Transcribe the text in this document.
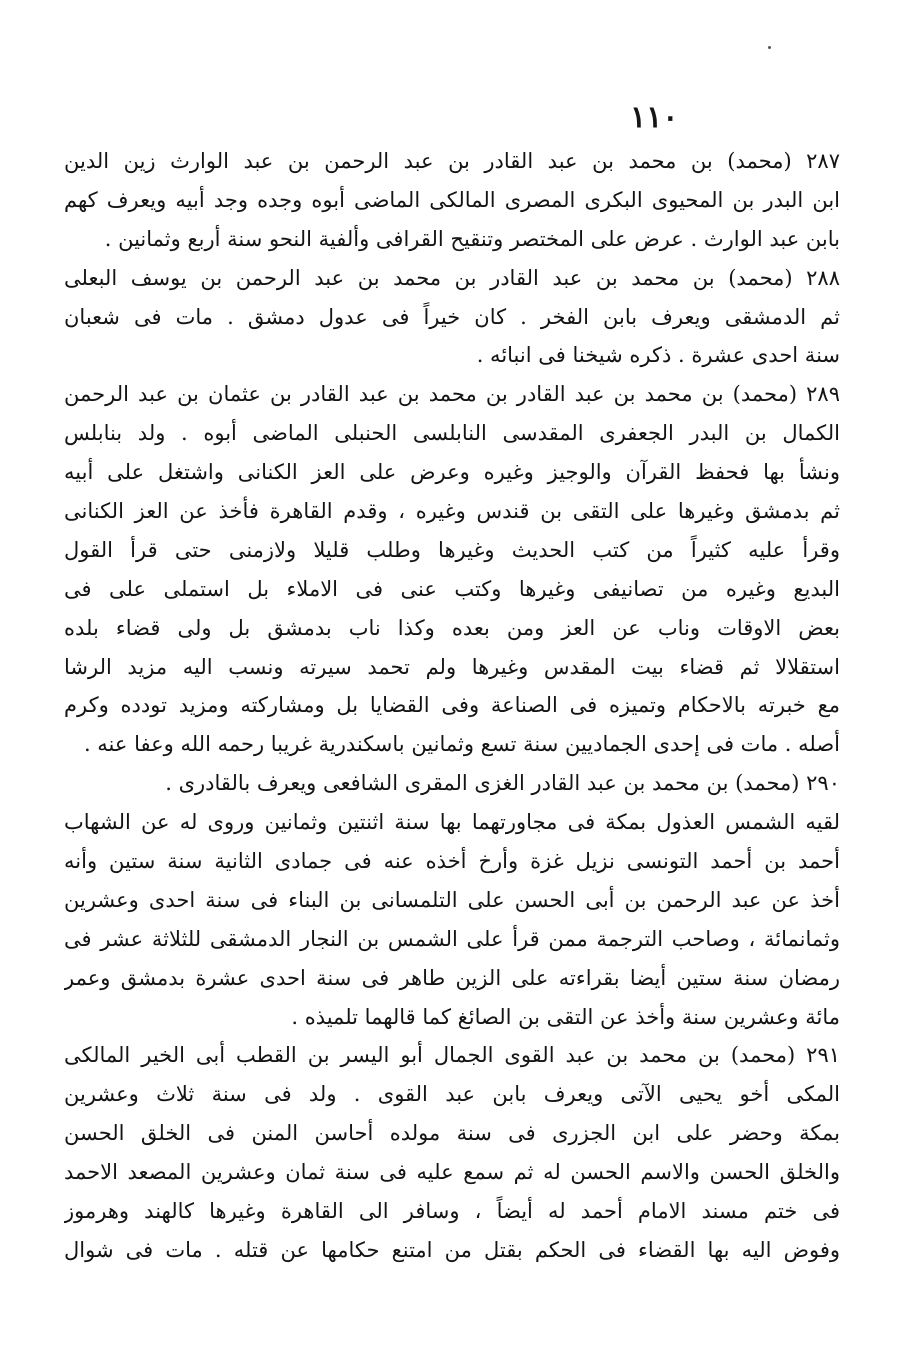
١١٠
٢٨٧ (محمد) بن محمد بن عبد القادر بن عبد الرحمن بن عبد الوارث زين الدين
ابن البدر بن المحيوى البكرى المصرى المالكى الماضى أبوه وجده وجد أبيه ويعرف كهم
بابن عبد الوارث . عرض على المختصر وتنقيح القرافى وألفية النحو سنة أربع وثمانين .
٢٨٨ (محمد) بن محمد بن عبد القادر بن محمد بن عبد الرحمن بن يوسف البعلى
ثم الدمشقى ويعرف بابن الفخر . كان خيراً فى عدول دمشق . مات فى شعبان
سنة احدى عشرة . ذكره شيخنا فى انبائه .
٢٨٩ (محمد) بن محمد بن عبد القادر بن محمد بن عبد القادر بن عثمان بن عبد الرحمن
الكمال بن البدر الجعفرى المقدسى النابلسى الحنبلى الماضى أبوه . ولد بنابلس
ونشأ بها فحفظ القرآن والوجيز وغيره وعرض على العز الكنانى واشتغل على أبيه
ثم بدمشق وغيرها على التقى بن قندس وغيره ، وقدم القاهرة فأخذ عن العز الكنانى
وقرأ عليه كثيراً من كتب الحديث وغيرها وطلب قليلا ولازمنى حتى قرأ القول
البديع وغيره من تصانيفى وغيرها وكتب عنى فى الاملاء بل استملى على فى
بعض الاوقات وناب عن العز ومن بعده وكذا ناب بدمشق بل ولى قضاء بلده
استقلالا ثم قضاء بيت المقدس وغيرها ولم تحمد سيرته ونسب اليه مزيد الرشا
مع خبرته بالاحكام وتميزه فى الصناعة وفى القضايا بل ومشاركته ومزيد تودده وكرم
أصله . مات فى إحدى الجماديين سنة تسع وثمانين باسكندرية غريبا رحمه الله وعفا عنه .
٢٩٠ (محمد) بن محمد بن عبد القادر الغزى المقرى الشافعى ويعرف بالقادرى .
لقيه الشمس العذول بمكة فى مجاورتهما بها سنة اثنتين وثمانين وروى له عن الشهاب
أحمد بن أحمد التونسى نزيل غزة وأرخ أخذه عنه فى جمادى الثانية سنة ستين وأنه
أخذ عن عبد الرحمن بن أبى الحسن على التلمسانى بن البناء فى سنة احدى وعشرين
وثمانمائة ، وصاحب الترجمة ممن قرأ على الشمس بن النجار الدمشقى للثلاثة عشر فى
رمضان سنة ستين أيضا بقراءته على الزين طاهر فى سنة احدى عشرة بدمشق وعمر
مائة وعشرين سنة وأخذ عن التقى بن الصائغ كما قالهما تلميذه .
٢٩١ (محمد) بن محمد بن عبد القوى الجمال أبو اليسر بن القطب أبى الخير المالكى
المكى أخو يحيى الآتى ويعرف بابن عبد القوى . ولد فى سنة ثلاث وعشرين
بمكة وحضر على ابن الجزرى فى سنة مولده أحاسن المنن فى الخلق الحسن
والخلق الحسن والاسم الحسن له ثم سمع عليه فى سنة ثمان وعشرين المصعد الاحمد
فى ختم مسند الامام أحمد له أيضاً ، وسافر الى القاهرة وغيرها كالهند وهرموز
وفوض اليه بها القضاء فى الحكم بقتل من امتنع حكامها عن قتله . مات فى شوال
